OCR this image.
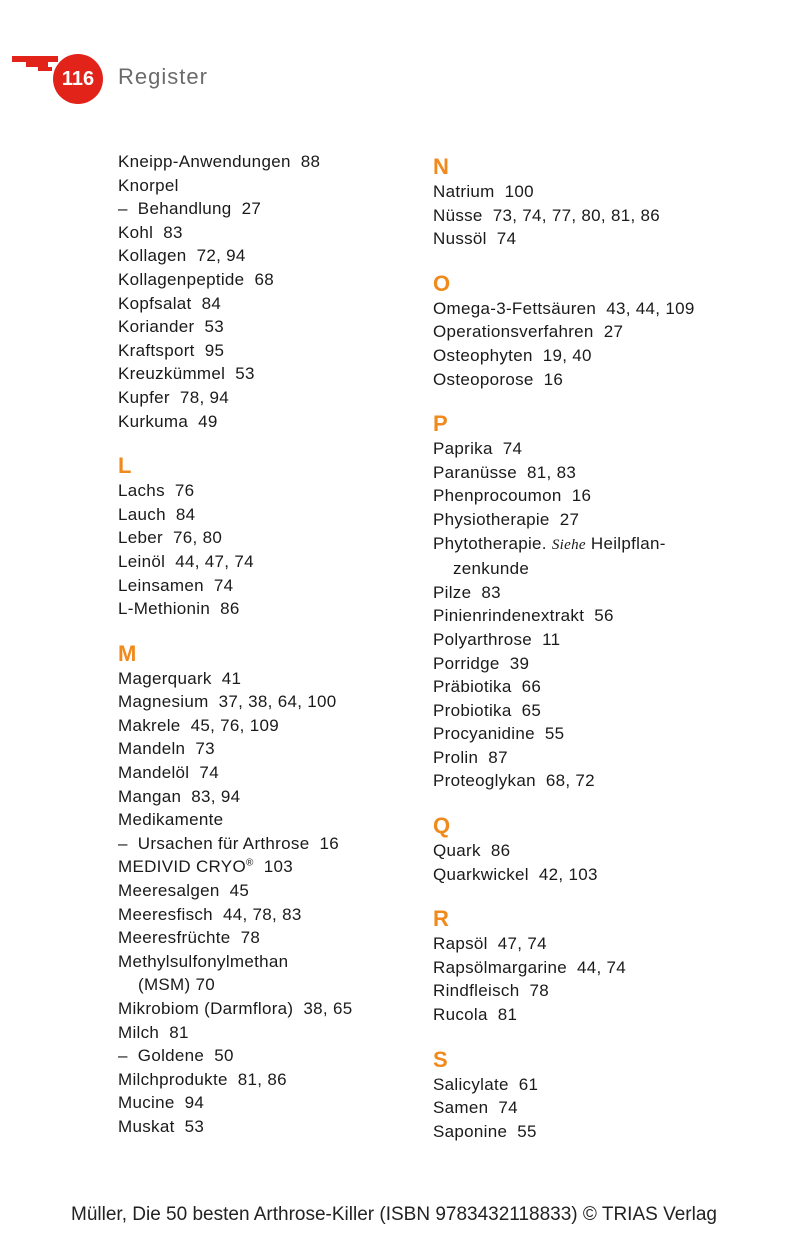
116	Register
Kneipp-Anwendungen  88
Knorpel
–  Behandlung  27
Kohl  83
Kollagen  72, 94
Kollagenpeptide  68
Kopfsalat  84
Koriander  53
Kraftsport  95
Kreuzkümmel  53
Kupfer  78, 94
Kurkuma  49
L
Lachs  76
Lauch  84
Leber  76, 80
Leinöl  44, 47, 74
Leinsamen  74
L-Methionin  86
M
Magerquark  41
Magnesium  37, 38, 64, 100
Makrele  45, 76, 109
Mandeln  73
Mandelöl  74
Mangan  83, 94
Medikamente
–  Ursachen für Arthrose  16
MEDIVID CRYO®  103
Meeresalgen  45
Meeresfisch  44, 78, 83
Meeresfrüchte  78
Methylsulfonylmethan
(MSM) 70
Mikrobiom (Darmflora)  38, 65
Milch  81
–  Goldene  50
Milchprodukte  81, 86
Mucine  94
Muskat  53
N
Natrium  100
Nüsse  73, 74, 77, 80, 81, 86
Nussöl  74
O
Omega-3-Fettsäuren  43, 44, 109
Operationsverfahren  27
Osteophyten  19, 40
Osteoporose  16
P
Paprika  74
Paranüsse  81, 83
Phenprocoumon  16
Physiotherapie  27
Phytotherapie. Siehe Heilpflan-
zenkunde
Pilze  83
Pinienrindenextrakt  56
Polyarthrose  11
Porridge  39
Präbiotika  66
Probiotika  65
Procyanidine  55
Prolin  87
Proteoglykan  68, 72
Q
Quark  86
Quarkwickel  42, 103
R
Rapsöl  47, 74
Rapsölmargarine  44, 74
Rindfleisch  78
Rucola  81
S
Salicylate  61
Samen  74
Saponine  55
Müller, Die 50 besten Arthrose-Killer (ISBN 9783432118833) © TRIAS Verlag
